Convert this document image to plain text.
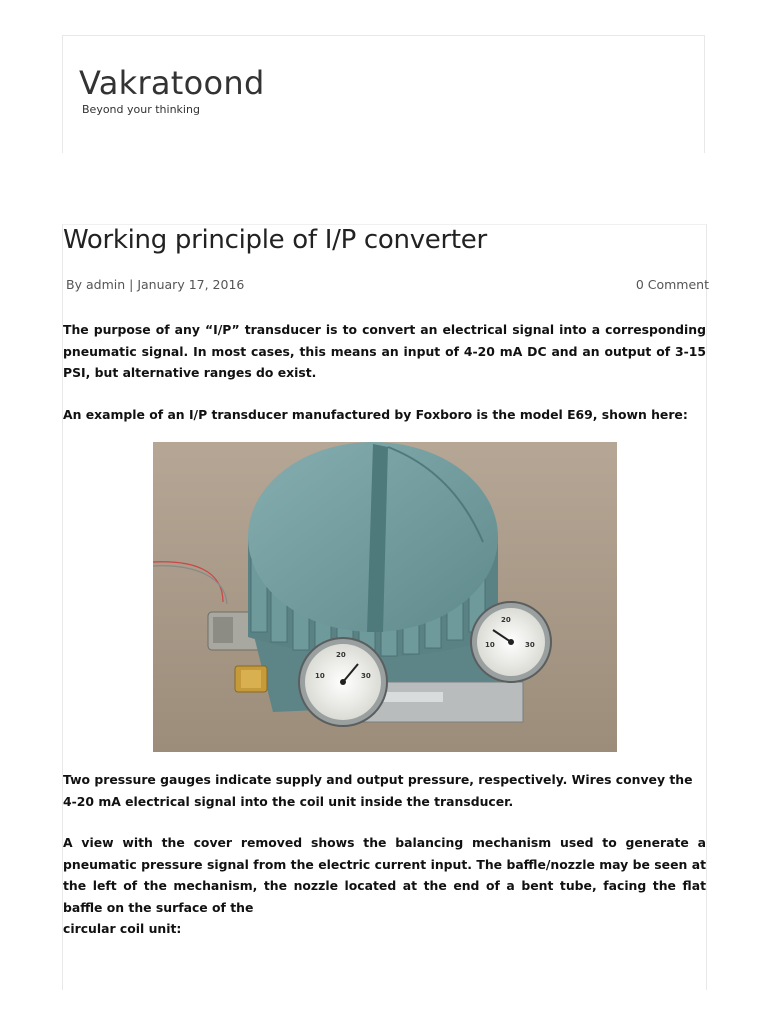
Vakratoond

Beyond your thinking

Working principle of I/P converter
By admin | January 17, 2016	0 Comment

The purpose of any “I/P” transducer is to convert an electrical signal into a corresponding pneumatic signal. In most cases, this means an input of 4-20 mA DC and an output of 3-15 PSI, but alternative ranges do exist.

An example of an I/P transducer manufactured by Foxboro is the model E69, shown here:

10
20
30
20
10	30

Two pressure gauges indicate supply and output pressure, respectively. Wires convey the 4-20 mA electrical signal into the coil unit inside the transducer.

A view with the cover removed shows the balancing mechanism used to generate a pneumatic pressure signal from the electric current input. The baffle/nozzle may be seen at the left of the mechanism, the nozzle located at the end of a bent tube, facing the flat baffle on the surface of the

circular coil unit:
